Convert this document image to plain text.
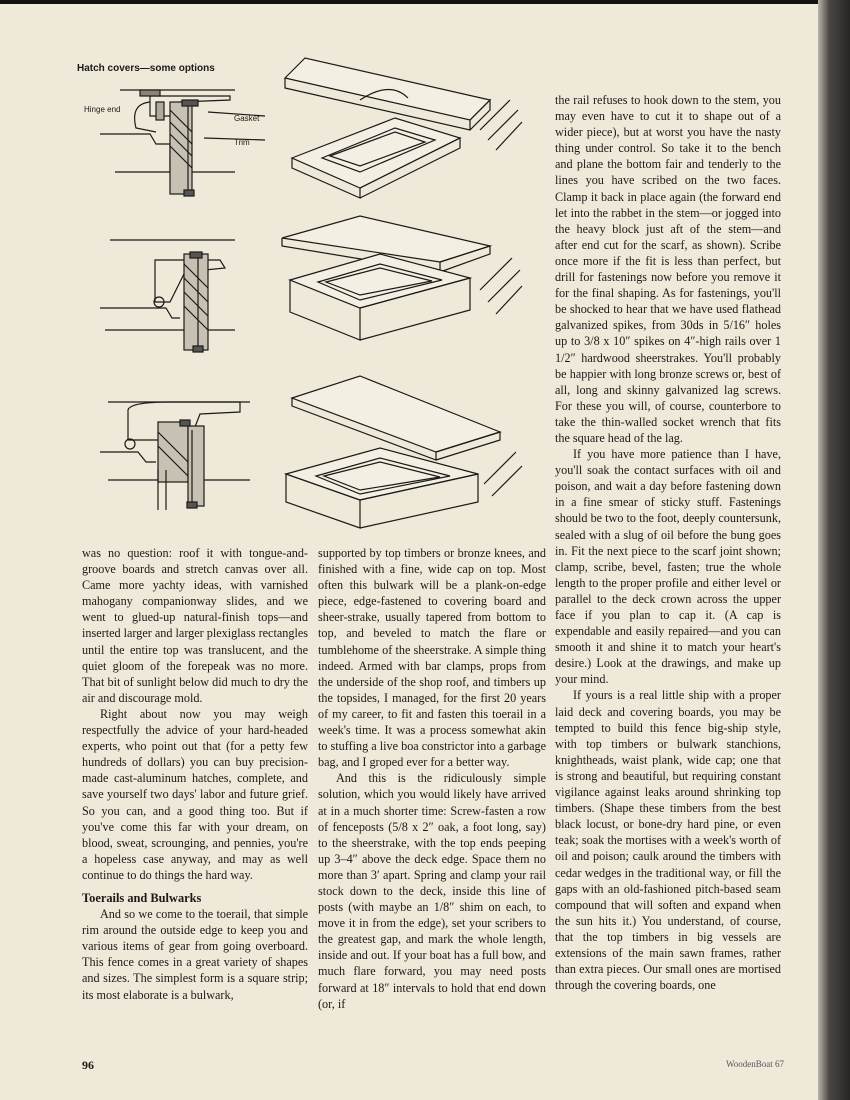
Hatch covers—some options
Hinge end
Gasket
Trim

was no question: roof it with tongue-and-groove boards and stretch canvas over all. Came more yachty ideas, with varnished mahogany companionway slides, and we went to glued-up natural-finish tops—and inserted larger and larger plexiglass rectangles until the entire top was translucent, and the quiet gloom of the forepeak was no more. That bit of sunlight below did much to dry the air and discourage mold.

Right about now you may weigh respectfully the advice of your hard-headed experts, who point out that (for a petty few hundreds of dollars) you can buy precision-made cast-aluminum hatches, complete, and save yourself two days' labor and future grief. So you can, and a good thing too. But if you've come this far with your dream, on blood, sweat, scrounging, and pennies, you're a hopeless case anyway, and may as well continue to do things the hard way.

Toerails and Bulwarks

And so we come to the toerail, that simple rim around the outside edge to keep you and various items of gear from going overboard. This fence comes in a great variety of shapes and sizes. The simplest form is a square strip; its most elaborate is a bulwark,

supported by top timbers or bronze knees, and finished with a fine, wide cap on top. Most often this bulwark will be a plank-on-edge piece, edge-fastened to covering board and sheer-strake, usually tapered from bottom to top, and beveled to match the flare or tumblehome of the sheerstrake. A simple thing indeed. Armed with bar clamps, props from the underside of the shop roof, and timbers up the topsides, I managed, for the first 20 years of my career, to fit and fasten this toerail in a week's time. It was a process somewhat akin to stuffing a live boa constrictor into a garbage bag, and I groped ever for a better way.

And this is the ridiculously simple solution, which you would likely have arrived at in a much shorter time: Screw-fasten a row of fenceposts (5/8 x 2″ oak, a foot long, say) to the sheerstrake, with the top ends peeping up 3–4″ above the deck edge. Space them no more than 3′ apart. Spring and clamp your rail stock down to the deck, inside this line of posts (with maybe an 1/8″ shim on each, to move it in from the edge), set your scribers to the greatest gap, and mark the whole length, inside and out. If your boat has a full bow, and much flare forward, you may need posts forward at 18″ intervals to hold that end down (or, if

the rail refuses to hook down to the stem, you may even have to cut it to shape out of a wider piece), but at worst you have the nasty thing under control. So take it to the bench and plane the bottom fair and tenderly to the lines you have scribed on the two faces. Clamp it back in place again (the forward end let into the rabbet in the stem—or jogged into the heavy block just aft of the stem—and after end cut for the scarf, as shown). Scribe once more if the fit is less than perfect, but drill for fastenings now before you remove it for the final shaping. As for fastenings, you'll be shocked to hear that we have used flathead galvanized spikes, from 30ds in 5/16″ holes up to 3/8 x 10″ spikes on 4″-high rails over 1 1/2″ hardwood sheerstrakes. You'll probably be happier with long bronze screws or, best of all, long and skinny galvanized lag screws. For these you will, of course, counterbore to take the thin-walled socket wrench that fits the square head of the lag.

If you have more patience than I have, you'll soak the contact surfaces with oil and poison, and wait a day before fastening down in a fine smear of sticky stuff. Fastenings should be two to the foot, deeply countersunk, sealed with a slug of oil before the bung goes in. Fit the next piece to the scarf joint shown; clamp, scribe, bevel, fasten; true the whole length to the proper profile and either level or parallel to the deck crown across the upper face if you plan to cap it. (A cap is expendable and easily repaired—and you can smooth it and shine it to match your heart's desire.) Look at the drawings, and make up your mind.

If yours is a real little ship with a proper laid deck and covering boards, you may be tempted to build this fence big-ship style, with top timbers or bulwark stanchions, knightheads, waist plank, wide cap; one that is strong and beautiful, but requiring constant vigilance against leaks around shrinking top timbers. (Shape these timbers from the best black locust, or bone-dry hard pine, or even teak; soak the mortises with a week's worth of oil and poison; caulk around the timbers with cedar wedges in the traditional way, or fill the gaps with an old-fashioned pitch-based seam compound that will soften and expand when the sun hits it.) You understand, of course, that the top timbers in big vessels are extensions of the main sawn frames, rather than extra pieces. Our small ones are mortised through the covering boards, one

96	WoodenBoat 67
